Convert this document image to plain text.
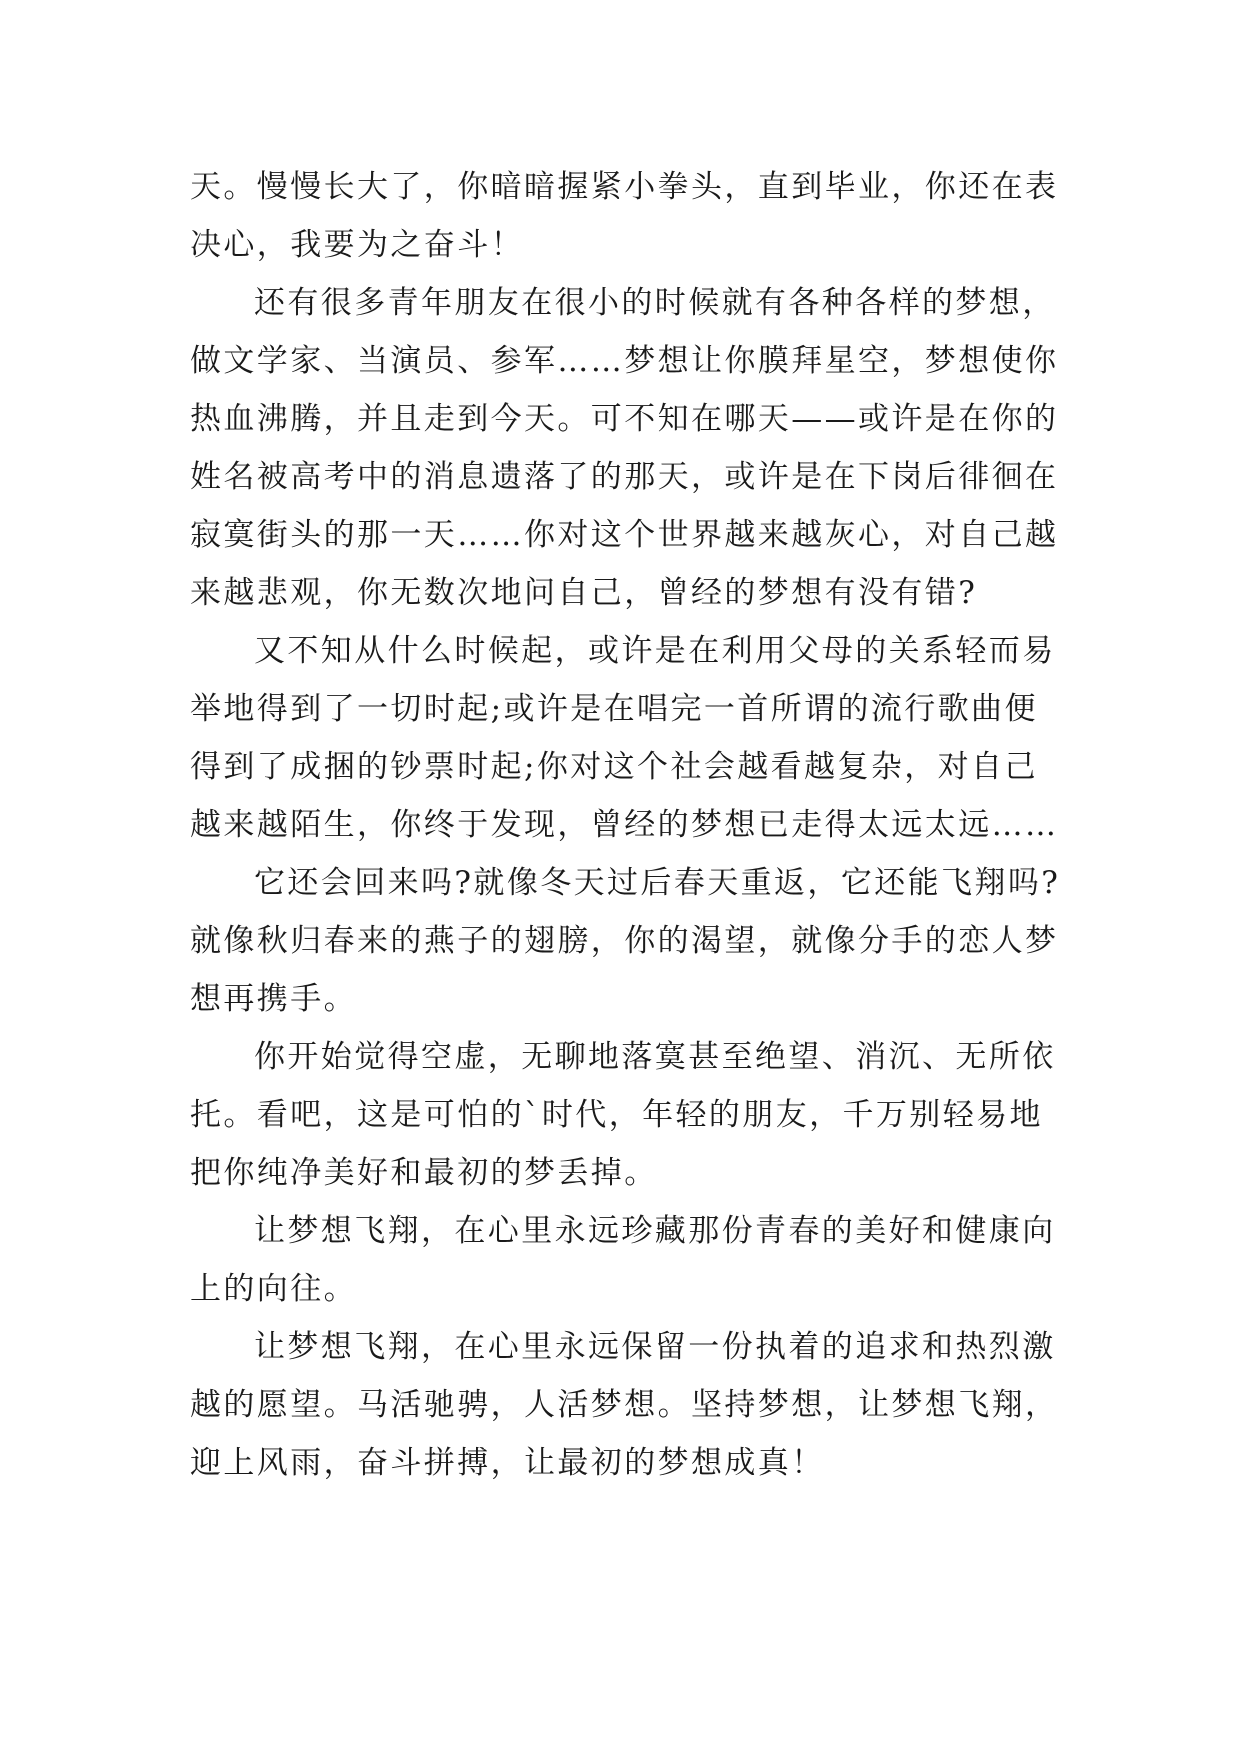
天。慢慢长大了，你暗暗握紧小拳头，直到毕业，你还在表
决心，我要为之奋斗！
还有很多青年朋友在很小的时候就有各种各样的梦想，
做文学家、当演员、参军……梦想让你膜拜星空，梦想使你
热血沸腾，并且走到今天。可不知在哪天——或许是在你的
姓名被高考中的消息遗落了的那天，或许是在下岗后徘徊在
寂寞街头的那一天……你对这个世界越来越灰心，对自己越
来越悲观，你无数次地问自己，曾经的梦想有没有错?
又不知从什么时候起，或许是在利用父母的关系轻而易
举地得到了一切时起;或许是在唱完一首所谓的流行歌曲便
得到了成捆的钞票时起;你对这个社会越看越复杂，对自己
越来越陌生，你终于发现，曾经的梦想已走得太远太远……
它还会回来吗?就像冬天过后春天重返，它还能飞翔吗?
就像秋归春来的燕子的翅膀，你的渴望，就像分手的恋人梦
想再携手。
你开始觉得空虚，无聊地落寞甚至绝望、消沉、无所依
托。看吧，这是可怕的`时代，年轻的朋友，千万别轻易地
把你纯净美好和最初的梦丢掉。
让梦想飞翔，在心里永远珍藏那份青春的美好和健康向
上的向往。
让梦想飞翔，在心里永远保留一份执着的追求和热烈激
越的愿望。马活驰骋，人活梦想。坚持梦想，让梦想飞翔，
迎上风雨，奋斗拼搏，让最初的梦想成真！
